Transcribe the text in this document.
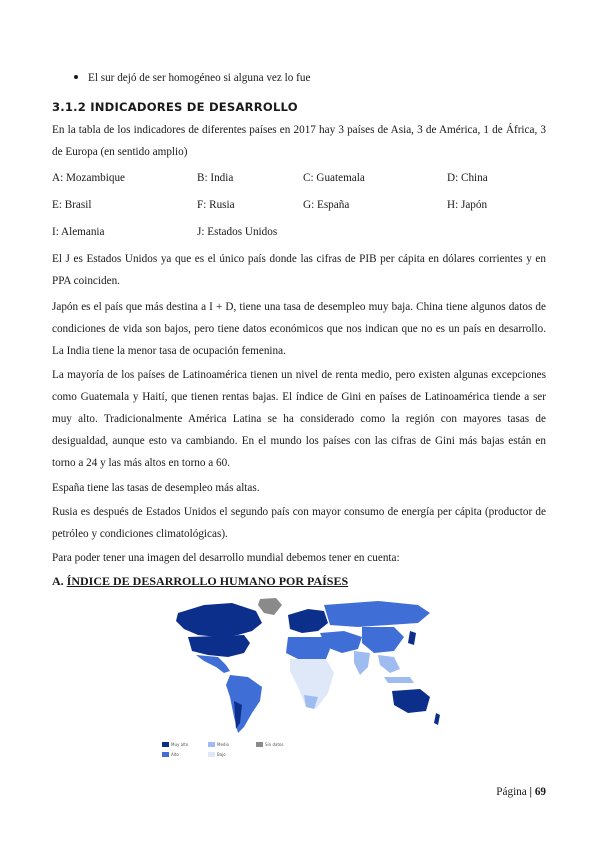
El sur dejó de ser homogéneo si alguna vez lo fue
3.1.2 INDICADORES DE DESARROLLO
En la tabla de los indicadores de diferentes países en 2017 hay 3 países de Asia, 3 de América, 1 de África, 3 de Europa (en sentido amplio)
A: Mozambique	B: India	C: Guatemala	D: China
E: Brasil	F: Rusia	G: España	H: Japón
I: Alemania	J: Estados Unidos
El J es Estados Unidos ya que es el único país donde las cifras de PIB per cápita en dólares corrientes y en PPA coinciden.
Japón es el país que más destina a I + D, tiene una tasa de desempleo muy baja. China tiene algunos datos de condiciones de vida son bajos, pero tiene datos económicos que nos indican que no es un país en desarrollo. La India tiene la menor tasa de ocupación femenina.
La mayoría de los países de Latinoamérica tienen un nivel de renta medio, pero existen algunas excepciones como Guatemala y Haití, que tienen rentas bajas. El índice de Gini en países de Latinoamérica tiende a ser muy alto. Tradicionalmente América Latina se ha considerado como la región con mayores tasas de desigualdad, aunque esto va cambiando. En el mundo los países con las cifras de Gini más bajas están en torno a 24 y las más altos en torno a 60.
España tiene las tasas de desempleo más altas.
Rusia es después de Estados Unidos el segundo país con mayor consumo de energía per cápita (productor de petróleo y condiciones climatológicas).
Para poder tener una imagen del desarrollo mundial debemos tener en cuenta:
A. ÍNDICE DE DESARROLLO HUMANO POR PAÍSES
Muy alto
Alto
Medio
Bajo
Sin datos
Página | 69
